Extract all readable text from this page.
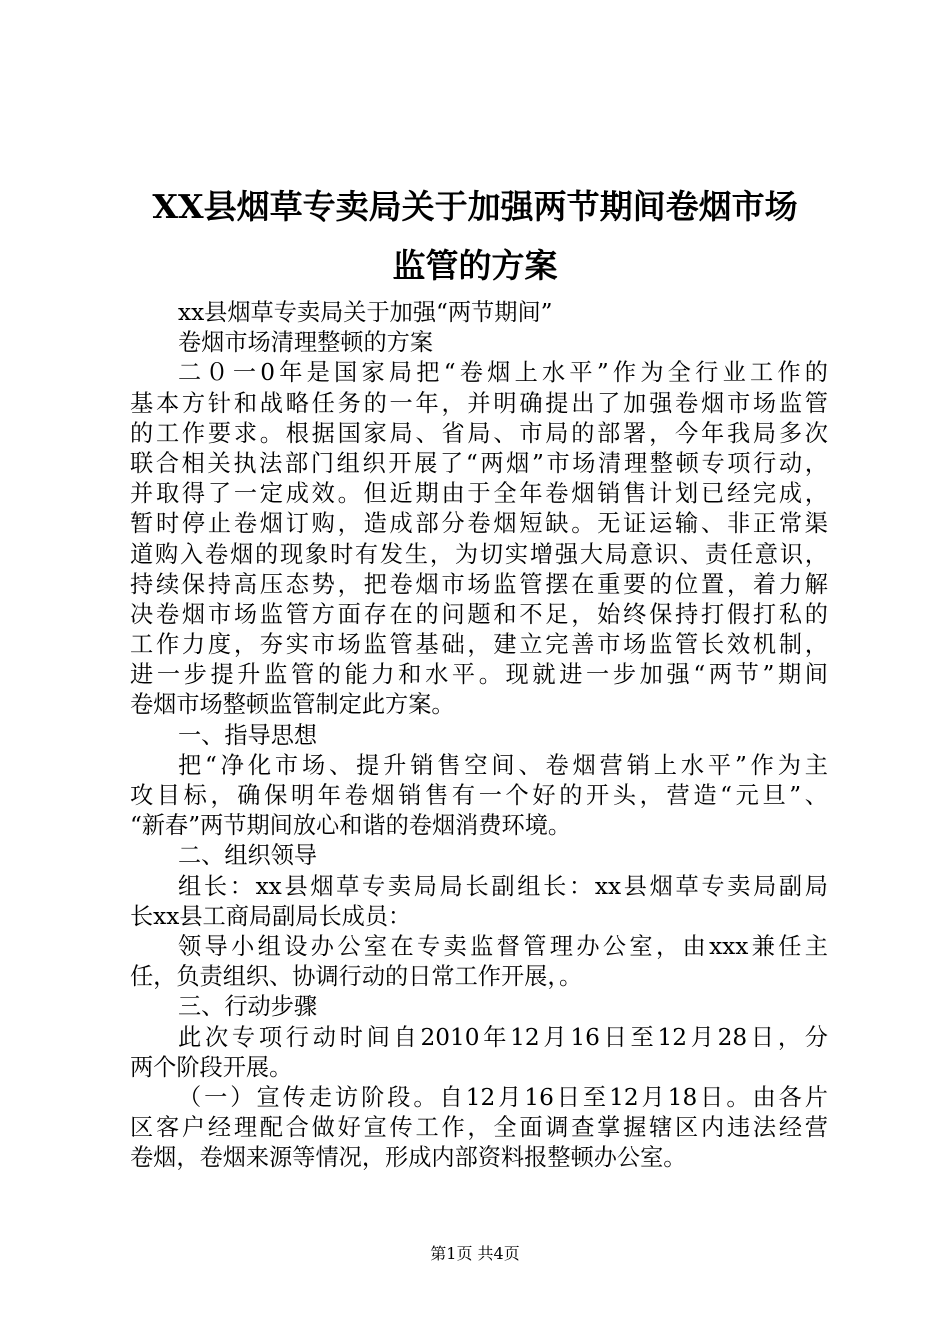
XX县烟草专卖局关于加强两节期间卷烟市场
监管的方案
xx县烟草专卖局关于加强“两节期间”
卷烟市场清理整顿的方案
二０一0年是国家局把“卷烟上水平”作为全行业工作的
基本方针和战略任务的一年，并明确提出了加强卷烟市场监管
的工作要求。根据国家局、省局、市局的部署，今年我局多次
联合相关执法部门组织开展了“两烟”市场清理整顿专项行动，
并取得了一定成效。但近期由于全年卷烟销售计划已经完成，
暂时停止卷烟订购，造成部分卷烟短缺。无证运输、非正常渠
道购入卷烟的现象时有发生，为切实增强大局意识、责任意识，
持续保持高压态势，把卷烟市场监管摆在重要的位置，着力解
决卷烟市场监管方面存在的问题和不足，始终保持打假打私的
工作力度，夯实市场监管基础，建立完善市场监管长效机制，
进一步提升监管的能力和水平。现就进一步加强“两节”期间
卷烟市场整顿监管制定此方案。
一、指导思想
把“净化市场、提升销售空间、卷烟营销上水平”作为主
攻目标，确保明年卷烟销售有一个好的开头，营造“元旦”、
“新春”两节期间放心和谐的卷烟消费环境。
二、组织领导
组长：xx县烟草专卖局局长副组长：xx县烟草专卖局副局
长xx县工商局副局长成员：
领导小组设办公室在专卖监督管理办公室，由xxx兼任主
任，负责组织、协调行动的日常工作开展，。
三、行动步骤
此次专项行动时间自2010年12月16日至12月28日，分
两个阶段开展。
（一）宣传走访阶段。自12月16日至12月18日。由各片
区客户经理配合做好宣传工作，全面调查掌握辖区内违法经营
卷烟，卷烟来源等情况，形成内部资料报整顿办公室。
第1页 共4页
